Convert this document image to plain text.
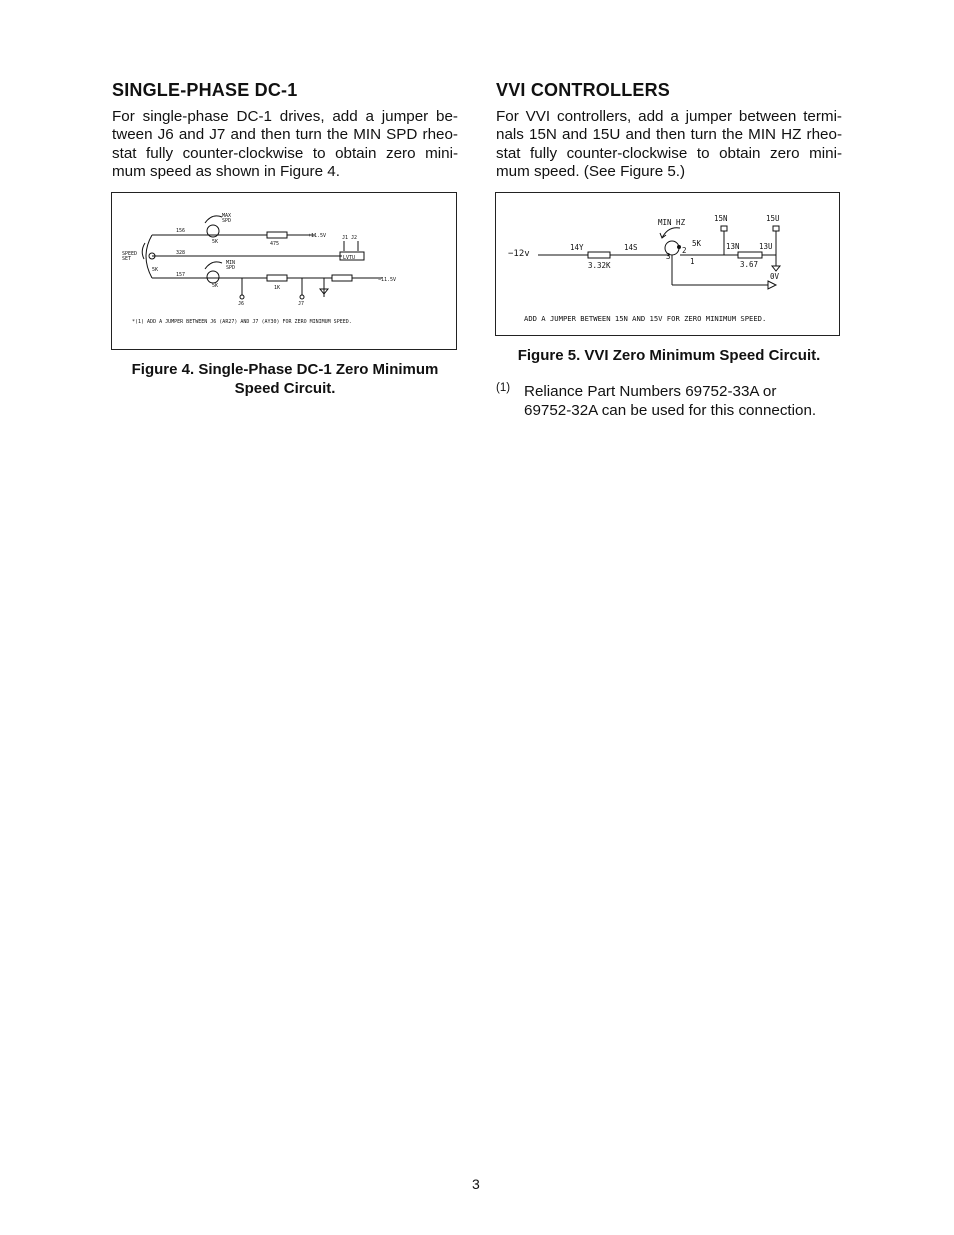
SINGLE-PHASE DC-1

For single-phase DC-1 drives, add a jumper be-
tween J6 and J7 and then turn the MIN SPD rheo-
stat fully counter-clockwise to obtain zero mini-
mum speed as shown in Figure 4.

MAX
SPD
156
5K	475
+11.5V	J1 J2
328
LVTU
SPEED
SET
5K
157
MIN
SPD
5K	1K
−11.5V
J6	J7
*(1) ADD A JUMPER BETWEEN J6 (AR27) AND J7 (AY30) FOR ZERO MINIMUM SPEED.

Figure 4. Single-Phase DC-1 Zero Minimum
Speed Circuit.

VVI CONTROLLERS

For VVI controllers, add a jumper between termi-
nals 15N and 15U and then turn the MIN HZ rheo-
stat fully counter-clockwise to obtain zero mini-
mum speed. (See Figure 5.)

−12v
14Y	14S
3.32K
MIN HZ
5K
2
3
1
15N	15U
13N	13U
3.67
0V
ADD A JUMPER BETWEEN 15N AND 15V FOR ZERO MINIMUM SPEED.

Figure 5. VVI Zero Minimum Speed Circuit.

(1) Reliance Part Numbers 69752-33A or
69752-32A can be used for this connection.

3
